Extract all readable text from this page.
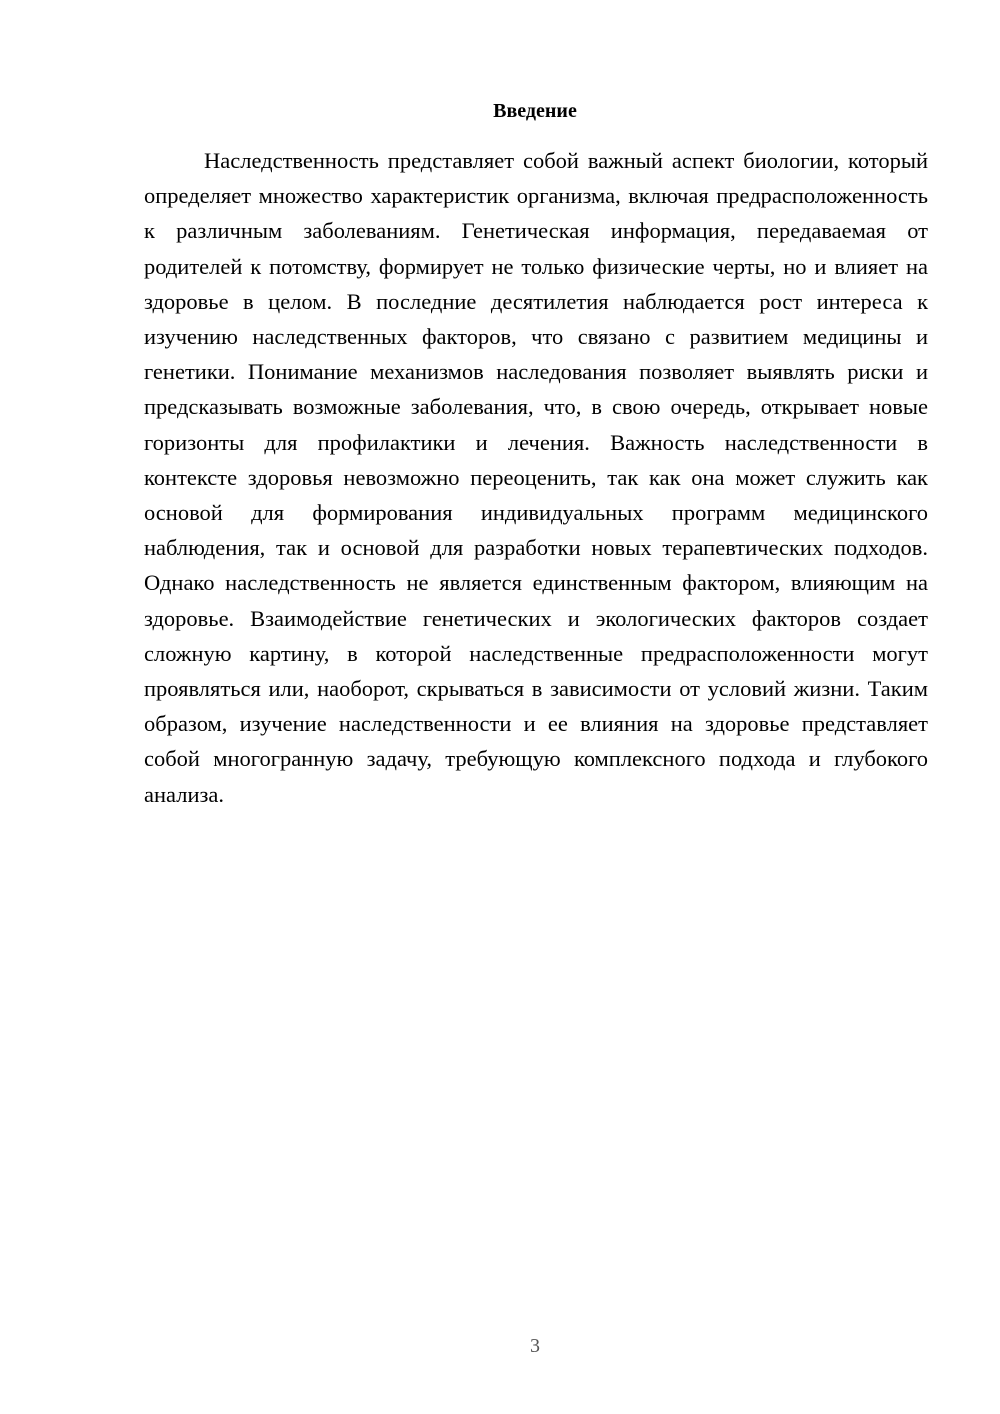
Введение

Наследственность представляет собой важный аспект биологии, который определяет множество характеристик организма, включая предрасположенность к различным заболеваниям. Генетическая информация, передаваемая от родителей к потомству, формирует не только физические черты, но и влияет на здоровье в целом. В последние десятилетия наблюдается рост интереса к изучению наследственных факторов, что связано с развитием медицины и генетики. Понимание механизмов наследования позволяет выявлять риски и предсказывать возможные заболевания, что, в свою очередь, открывает новые горизонты для профилактики и лечения. Важность наследственности в контексте здоровья невозможно переоценить, так как она может служить как основой для формирования индивидуальных программ медицинского наблюдения, так и основой для разработки новых терапевтических подходов. Однако наследственность не является единственным фактором, влияющим на здоровье. Взаимодействие генетических и экологических факторов создает сложную картину, в которой наследственные предрасположенности могут проявляться или, наоборот, скрываться в зависимости от условий жизни. Таким образом, изучение наследственности и ее влияния на здоровье представляет собой многогранную задачу, требующую комплексного подхода и глубокого анализа.

3
